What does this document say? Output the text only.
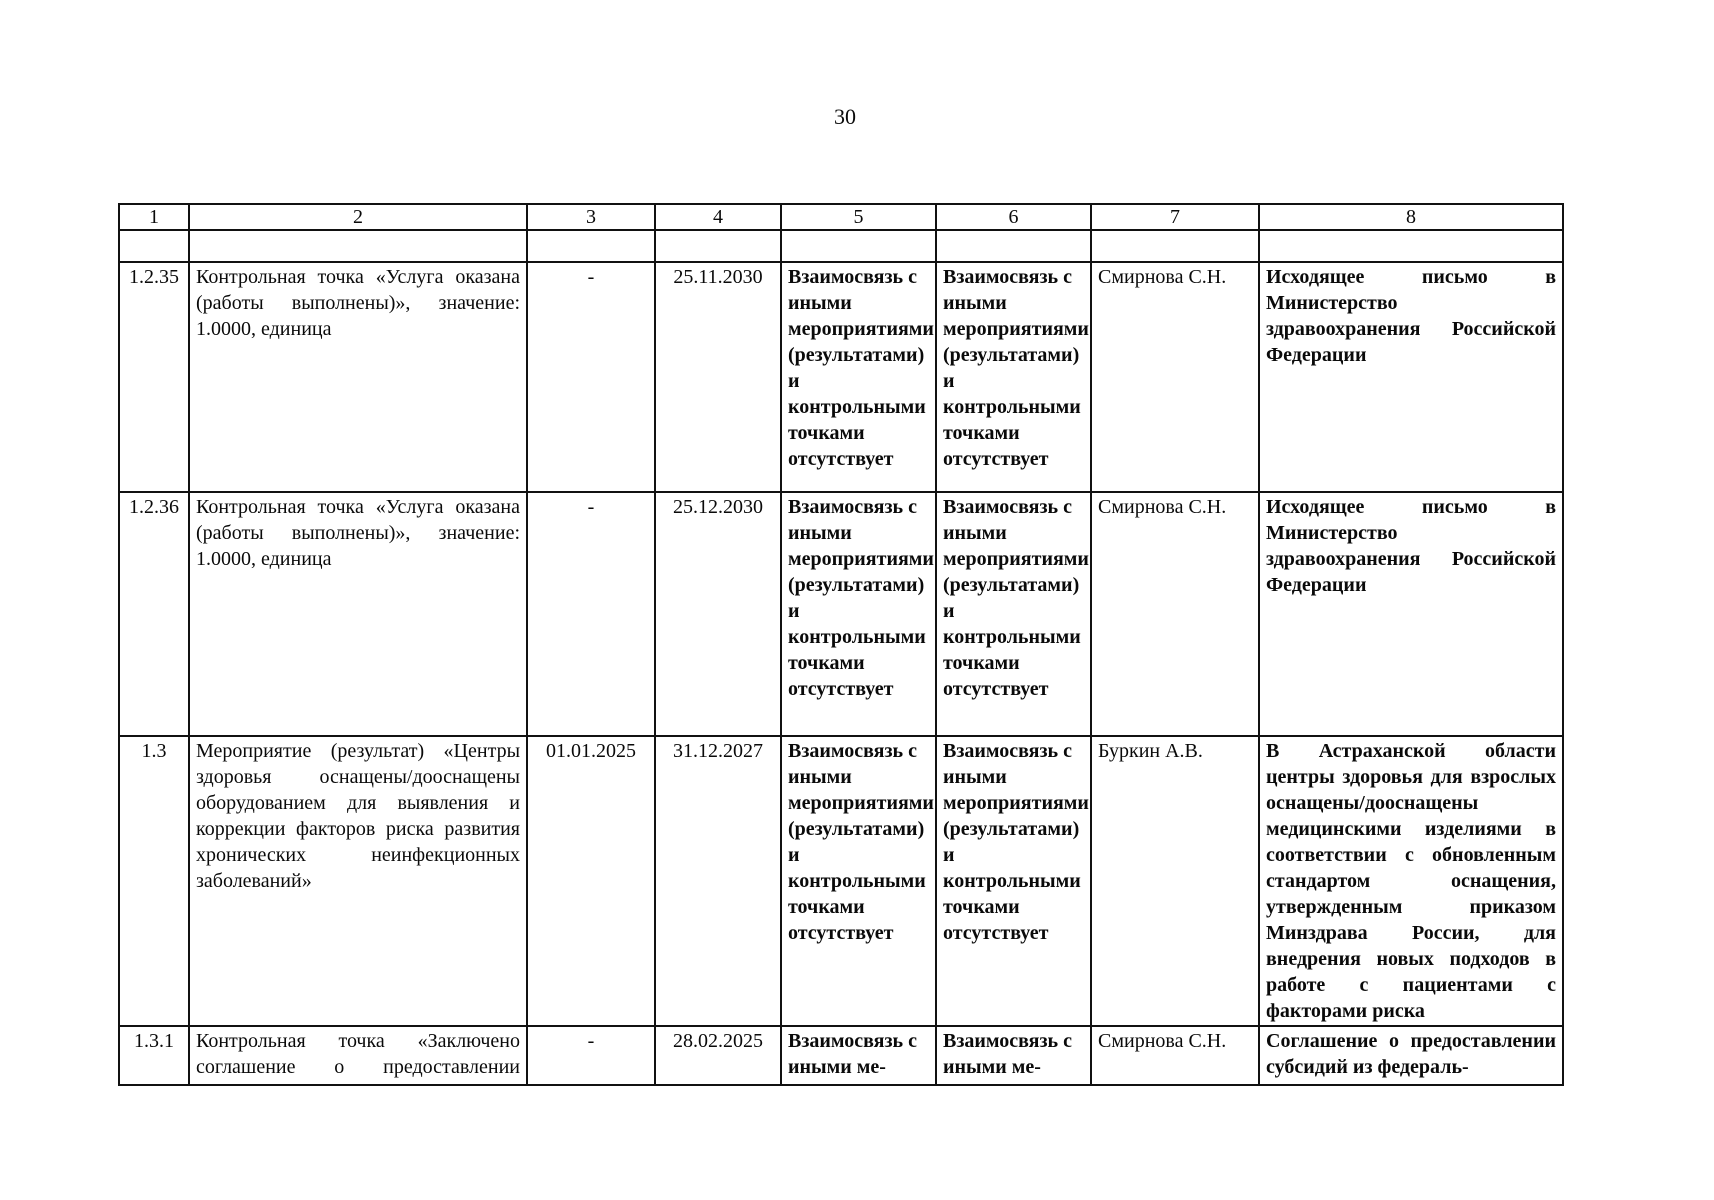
30
1	2	3	4	5	6	7	8

1.2.35	Контрольная точка «Услуга оказана (работы выполнены)», значение: 1.0000, единица	-	25.11.2030	Взаимосвязь с иными мероприятиями (результатами) и контрольными точками отсутствует	Взаимосвязь с иными мероприятиями (результатами) и контрольными точками отсутствует	Смирнова С.Н.	Исходящее письмо в Министерство здравоохранения Российской Федерации
1.2.36	Контрольная точка «Услуга оказана (работы выполнены)», значение: 1.0000, единица	-	25.12.2030	Взаимосвязь с иными мероприятиями (результатами) и контрольными точками отсутствует	Взаимосвязь с иными мероприятиями (результатами) и контрольными точками отсутствует	Смирнова С.Н.	Исходящее письмо в Министерство здравоохранения Российской Федерации
1.3	Мероприятие (результат) «Центры здоровья оснащены/дооснащены оборудованием для выявления и коррекции факторов риска развития хронических неинфекционных заболеваний»	01.01.2025	31.12.2027	Взаимосвязь с иными мероприятиями (результатами) и контрольными точками отсутствует	Взаимосвязь с иными мероприятиями (результатами) и контрольными точками отсутствует	Буркин А.В.	В Астраханской области центры здоровья для взрослых оснащены/дооснащены медицинскими изделиями в соответствии с обновленным стандартом оснащения, утвержденным приказом Минздрава России, для внедрения новых подходов в работе с пациентами с факторами риска
1.3.1	Контрольная точка «Заключено соглашение о предоставлении	-	28.02.2025	Взаимосвязь с иными ме-	Взаимосвязь с иными ме-	Смирнова С.Н.	Соглашение о предоставлении субсидий из федераль-
